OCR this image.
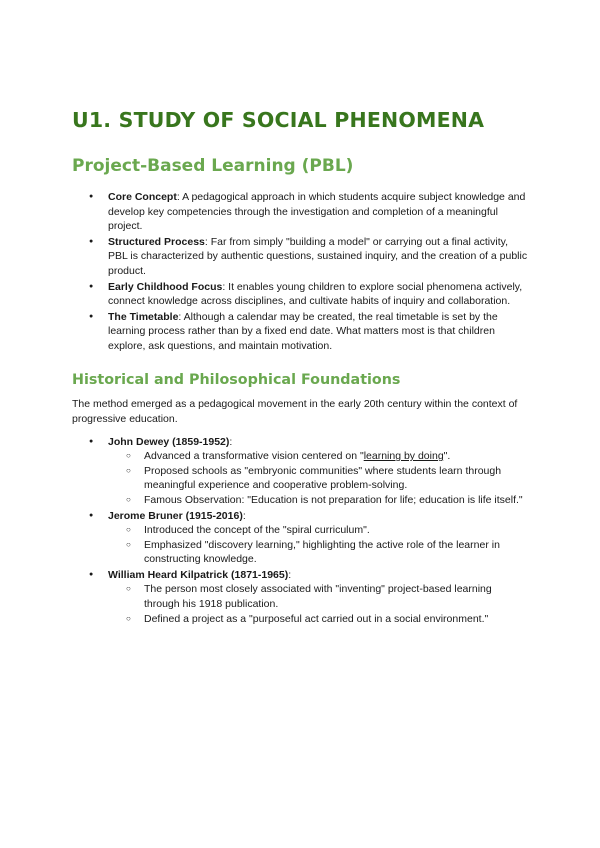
U1. STUDY OF SOCIAL PHENOMENA
Project-Based Learning (PBL)
● Core Concept: A pedagogical approach in which students acquire subject knowledge and develop key competencies through the investigation and completion of a meaningful project.
● Structured Process: Far from simply "building a model" or carrying out a final activity, PBL is characterized by authentic questions, sustained inquiry, and the creation of a public product.
● Early Childhood Focus: It enables young children to explore social phenomena actively, connect knowledge across disciplines, and cultivate habits of inquiry and collaboration.
● The Timetable: Although a calendar may be created, the real timetable is set by the learning process rather than by a fixed end date. What matters most is that children explore, ask questions, and maintain motivation.
Historical and Philosophical Foundations

The method emerged as a pedagogical movement in the early 20th century within the context of progressive education.

● John Dewey (1859-1952):
○ Advanced a transformative vision centered on "learning by doing".
○ Proposed schools as "embryonic communities" where students learn through meaningful experience and cooperative problem-solving.
○ Famous Observation: "Education is not preparation for life; education is life itself."
● Jerome Bruner (1915-2016):
○ Introduced the concept of the "spiral curriculum".
○ Emphasized "discovery learning," highlighting the active role of the learner in constructing knowledge.
● William Heard Kilpatrick (1871-1965):
○ The person most closely associated with "inventing" project-based learning through his 1918 publication.
○ Defined a project as a "purposeful act carried out in a social environment."
